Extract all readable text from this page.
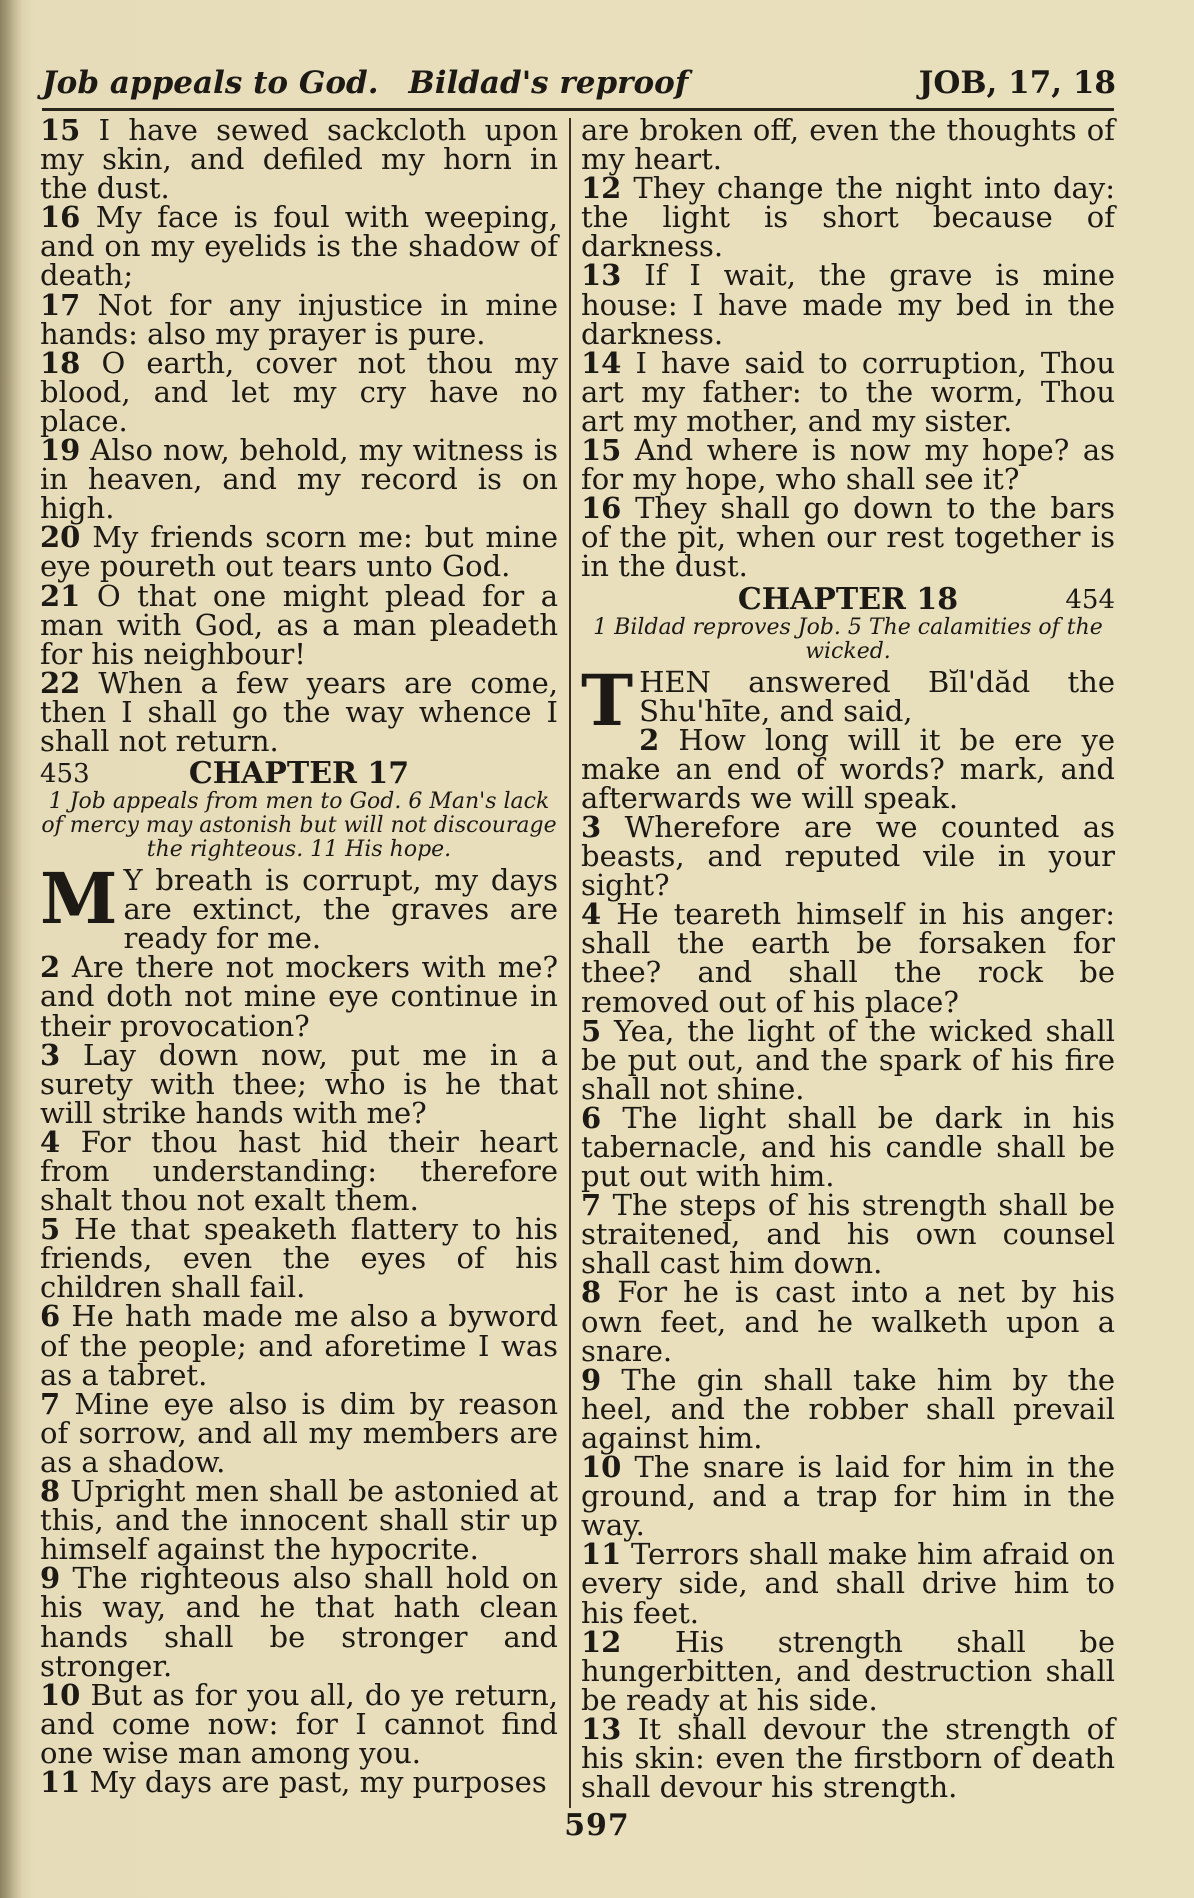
Job appeals to God. Bildad's reproof	JOB, 17, 18

15 I have sewed sackcloth upon my skin, and defiled my horn in the dust.

16 My face is foul with weeping, and on my eyelids is the shadow of death;

17 Not for any injustice in mine hands: also my prayer is pure.

18 O earth, cover not thou my blood, and let my cry have no place.

19 Also now, behold, my witness is in heaven, and my record is on high.

20 My friends scorn me: but mine eye poureth out tears unto God.

21 O that one might plead for a man with God, as a man pleadeth for his neighbour!

22 When a few years are come, then I shall go the way whence I shall not return.

453	CHAPTER 17

1 Job appeals from men to God. 6 Man's lack of mercy may astonish but will not discourage the righteous. 11 His hope.

M Y breath is corrupt, my days are extinct, the graves are ready for me.

2 Are there not mockers with me? and doth not mine eye continue in their provocation?

3 Lay down now, put me in a surety with thee; who is he that will strike hands with me?

4 For thou hast hid their heart from understanding: therefore shalt thou not exalt them.

5 He that speaketh flattery to his friends, even the eyes of his children shall fail.

6 He hath made me also a byword of the people; and aforetime I was as a tabret.

7 Mine eye also is dim by reason of sorrow, and all my members are as a shadow.

8 Upright men shall be astonied at this, and the innocent shall stir up himself against the hypocrite.

9 The righteous also shall hold on his way, and he that hath clean hands shall be stronger and stronger.

10 But as for you all, do ye return, and come now: for I cannot find one wise man among you.

11 My days are past, my purposes

are broken off, even the thoughts of my heart.

12 They change the night into day: the light is short because of darkness.

13 If I wait, the grave is mine house: I have made my bed in the darkness.

14 I have said to corruption, Thou art my father: to the worm, Thou art my mother, and my sister.

15 And where is now my hope? as for my hope, who shall see it?

16 They shall go down to the bars of the pit, when our rest together is in the dust.

CHAPTER 18	454

1 Bildad reproves Job. 5 The calamities of the wicked.

THEN answered Bĭl'dăd the Shu'hīte, and said,

2 How long will it be ere ye make an end of words? mark, and afterwards we will speak.

3 Wherefore are we counted as beasts, and reputed vile in your sight?

4 He teareth himself in his anger: shall the earth be forsaken for thee? and shall the rock be removed out of his place?

5 Yea, the light of the wicked shall be put out, and the spark of his fire shall not shine.

6 The light shall be dark in his tabernacle, and his candle shall be put out with him.

7 The steps of his strength shall be straitened, and his own counsel shall cast him down.

8 For he is cast into a net by his own feet, and he walketh upon a snare.

9 The gin shall take him by the heel, and the robber shall prevail against him.

10 The snare is laid for him in the ground, and a trap for him in the way.

11 Terrors shall make him afraid on every side, and shall drive him to his feet.

12 His strength shall be hungerbitten, and destruction shall be ready at his side.

13 It shall devour the strength of his skin: even the firstborn of death shall devour his strength.

597
